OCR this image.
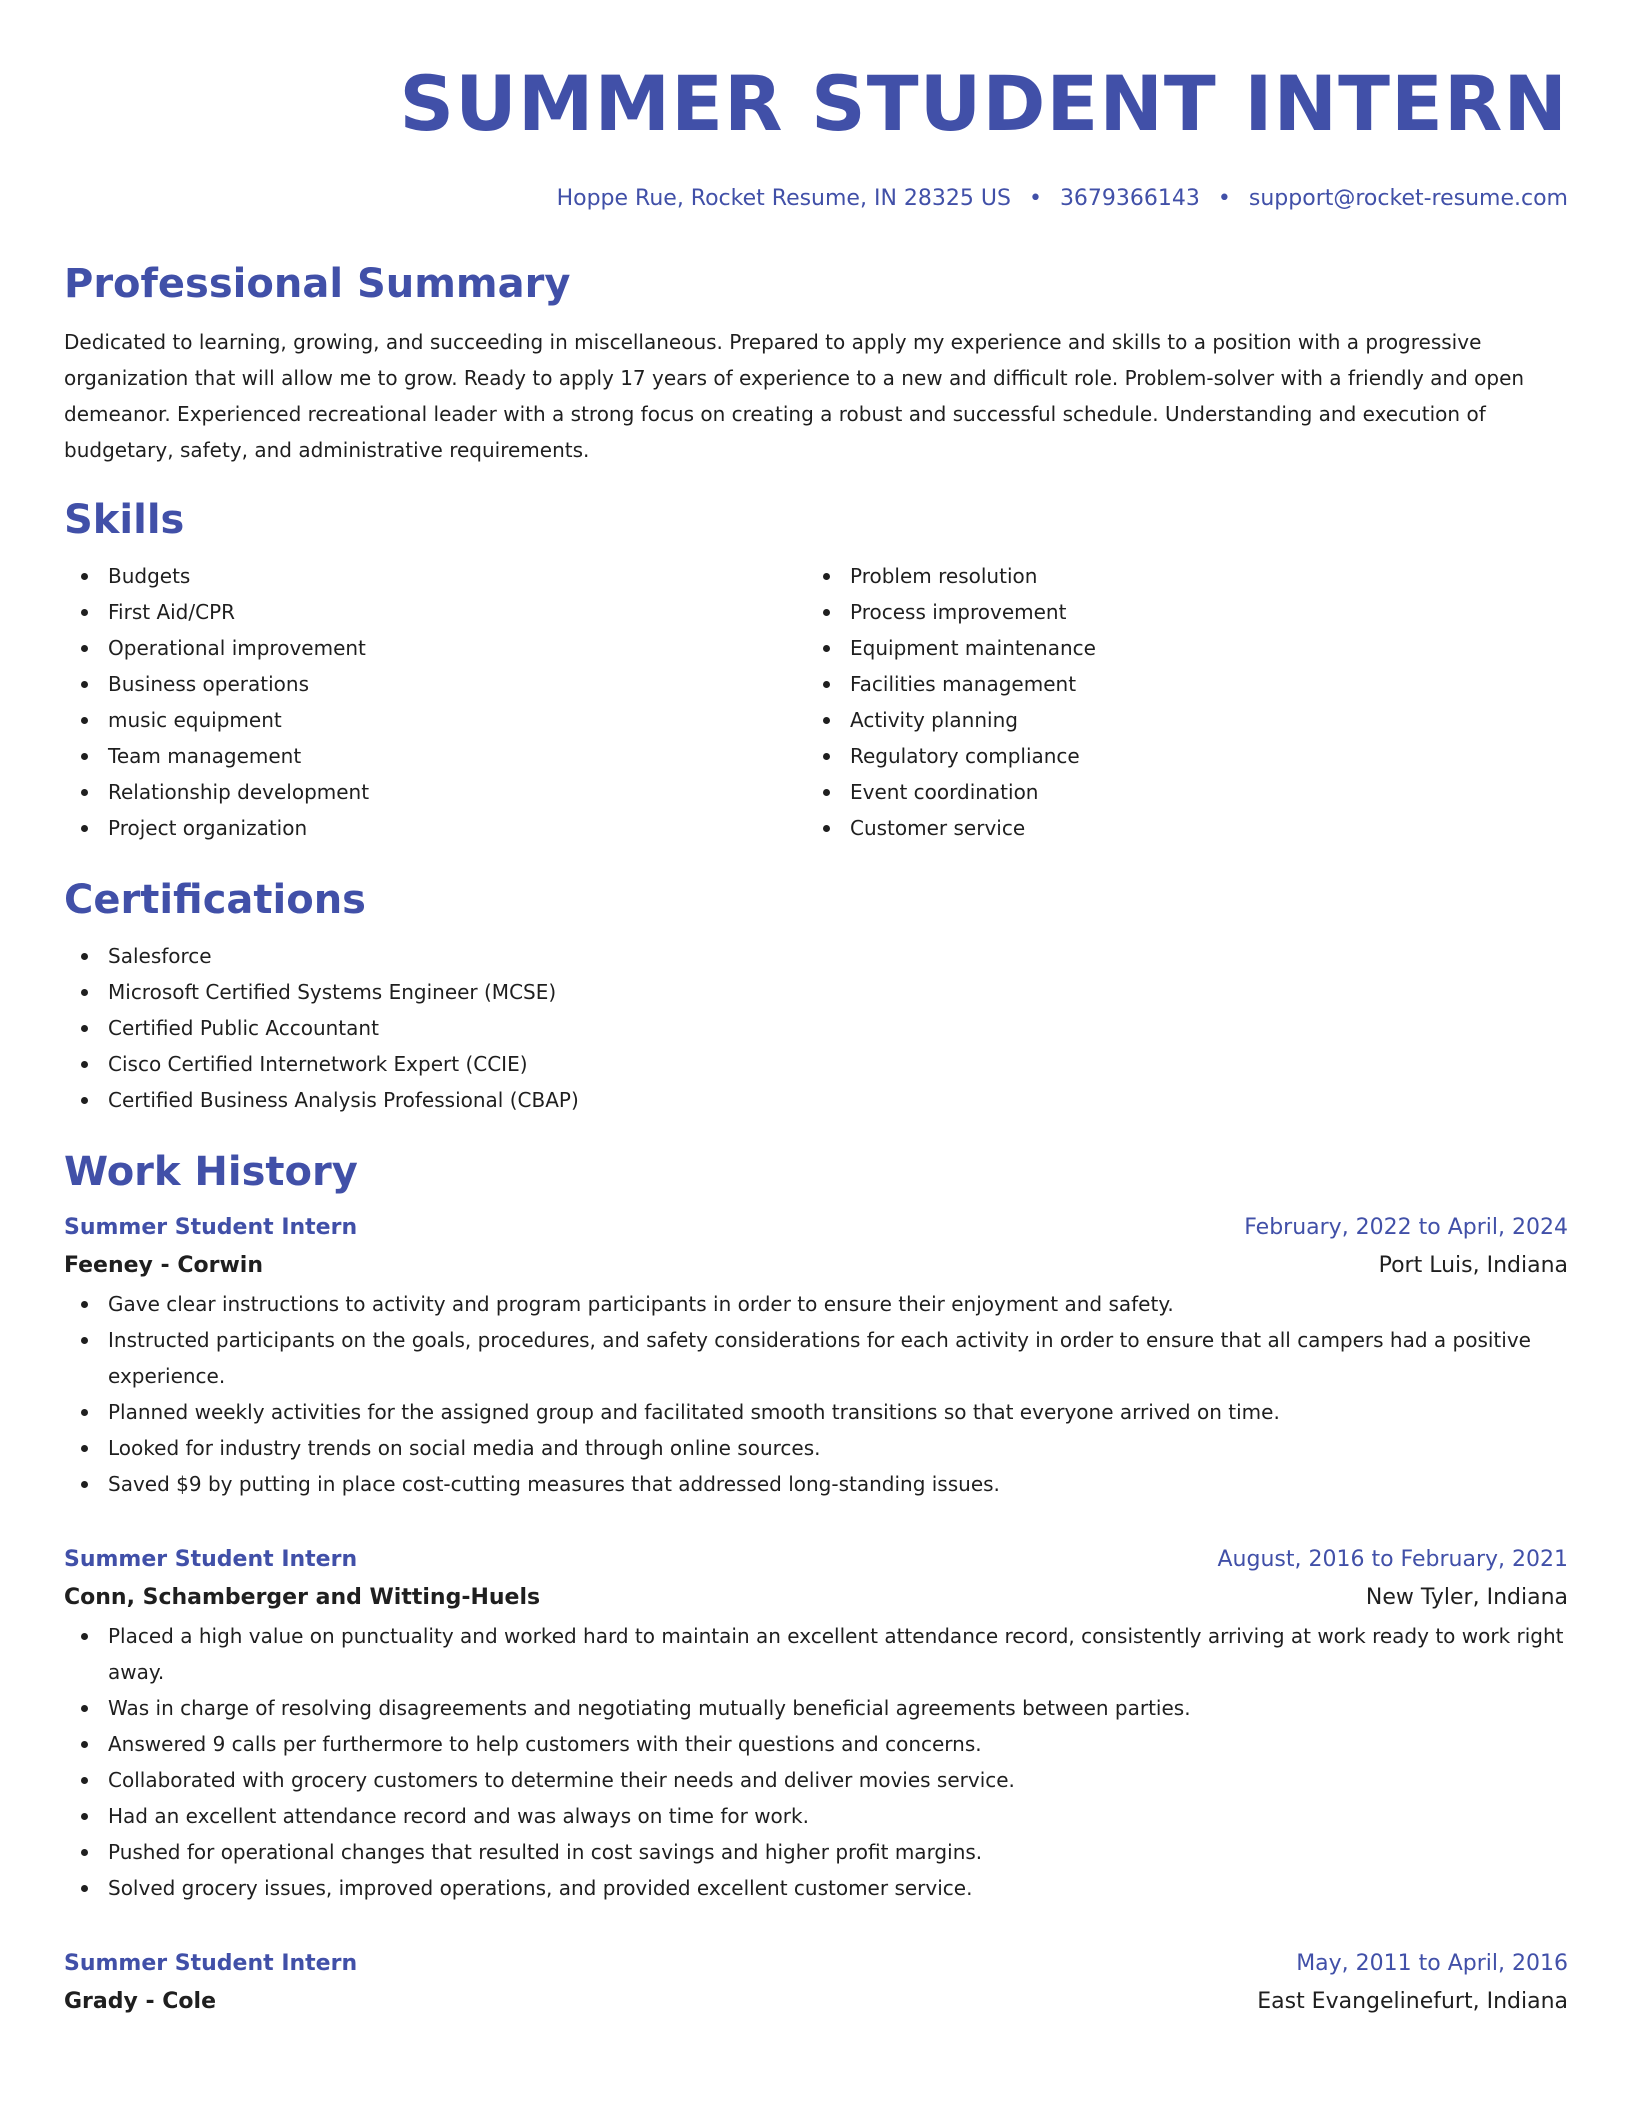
SUMMER STUDENT INTERN
Hoppe Rue, Rocket Resume, IN 28325 US • 3679366143 • support@rocket-resume.com
Professional Summary

Dedicated to learning, growing, and succeeding in miscellaneous. Prepared to apply my experience and skills to a position with a progressive organization that will allow me to grow. Ready to apply 17 years of experience to a new and difficult role. Problem-solver with a friendly and open demeanor. Experienced recreational leader with a strong focus on creating a robust and successful schedule. Understanding and execution of budgetary, safety, and administrative requirements.

Skills
Budgets
First Aid/CPR
Operational improvement
Business operations
music equipment
Team management
Relationship development
Project organization
Problem resolution
Process improvement
Equipment maintenance
Facilities management
Activity planning
Regulatory compliance
Event coordination
Customer service
Certifications
Salesforce
Microsoft Certified Systems Engineer (MCSE)
Certified Public Accountant
Cisco Certified Internetwork Expert (CCIE)
Certified Business Analysis Professional (CBAP)
Work History
Summer Student Intern	February, 2022 to April, 2024
Feeney - Corwin	Port Luis, Indiana
Gave clear instructions to activity and program participants in order to ensure their enjoyment and safety.
Instructed participants on the goals, procedures, and safety considerations for each activity in order to ensure that all campers had a positive experience.
Planned weekly activities for the assigned group and facilitated smooth transitions so that everyone arrived on time.
Looked for industry trends on social media and through online sources.
Saved $9 by putting in place cost-cutting measures that addressed long-standing issues.
Summer Student Intern	August, 2016 to February, 2021
Conn, Schamberger and Witting-Huels	New Tyler, Indiana
Placed a high value on punctuality and worked hard to maintain an excellent attendance record, consistently arriving at work ready to work right away.
Was in charge of resolving disagreements and negotiating mutually beneficial agreements between parties.
Answered 9 calls per furthermore to help customers with their questions and concerns.
Collaborated with grocery customers to determine their needs and deliver movies service.
Had an excellent attendance record and was always on time for work.
Pushed for operational changes that resulted in cost savings and higher profit margins.
Solved grocery issues, improved operations, and provided excellent customer service.
Summer Student Intern	May, 2011 to April, 2016
Grady - Cole	East Evangelinefurt, Indiana
